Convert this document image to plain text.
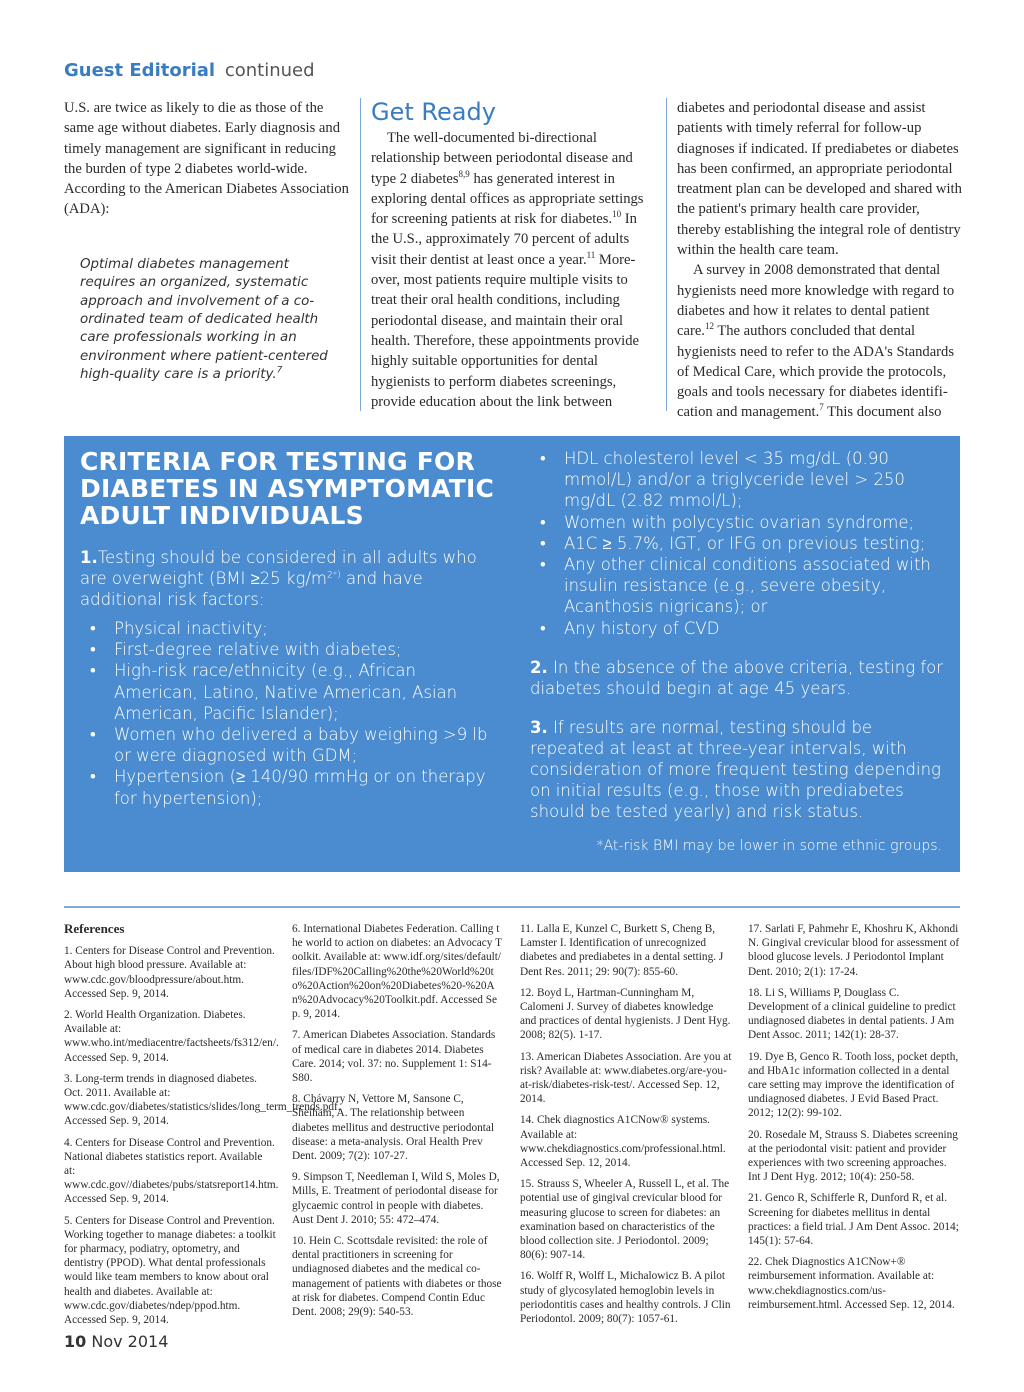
Guest Editorial continued

U.S. are twice as likely to die as those of the same age without diabetes. Early diagnosis and timely management are significant in reducing the burden of type 2 diabetes world-wide. According to the American Diabetes Association (ADA):

Optimal diabetes management requires an organized, systematic approach and involvement of a co-ordinated team of dedicated health care professionals working in an environment where patient-centered high-quality care is a priority.$^7$
Get Ready

The well-documented bi-directional relationship between periodontal disease and type 2 diabetes$^{8,9}$ has generated interest in exploring dental offices as appropriate settings for screening patients at risk for diabetes.$^{10}$ In the U.S., approximately 70 percent of adults visit their dentist at least once a year.$^{11}$ More-over, most patients require multiple visits to treat their oral health conditions, including periodontal disease, and maintain their oral health. Therefore, these appointments provide highly suitable opportunities for dental hygienists to perform diabetes screenings, provide education about the link between

diabetes and periodontal disease and assist patients with timely referral for follow-up diagnoses if indicated. If prediabetes or diabetes has been confirmed, an appropriate periodontal treatment plan can be developed and shared with the patient's primary health care provider, thereby establishing the integral role of dentistry within the health care team.

A survey in 2008 demonstrated that dental hygienists need more knowledge with regard to diabetes and how it relates to dental patient care.$^{12}$ The authors concluded that dental hygienists need to refer to the ADA's Standards of Medical Care, which provide the protocols, goals and tools necessary for diabetes identifi-cation and management.$^7$ This document also

CRITERIA FOR TESTING FOR DIABETES IN ASYMPTOMATIC ADULT INDIVIDUALS
1.Testing should be considered in all adults who are overweight (BMI ≥25 $kg/m^{2*)}$ and have additional risk factors:
• Physical inactivity;
• First-degree relative with diabetes;
• High-risk race/ethnicity (e.g., African American, Latino, Native American, Asian American, Pacific Islander);
• Women who delivered a baby weighing >9 lb or were diagnosed with GDM;
• Hypertension (≥ 140/90 mmHg or on therapy for hypertension);
• HDL cholesterol level < 35 mg/dL (0.90 mmol/L) and/or a triglyceride level > 250 mg/dL (2.82 mmol/L);
• Women with polycystic ovarian syndrome;
• A1C ≥ 5.7%, IGT, or IFG on previous testing;
• Any other clinical conditions associated with insulin resistance (e.g., severe obesity, Acanthosis nigricans); or
• Any history of CVD
2. In the absence of the above criteria, testing for diabetes should begin at age 45 years.
3. If results are normal, testing should be repeated at least at three-year intervals, with consideration of more frequent testing depending on initial results (e.g., those with prediabetes should be tested yearly) and risk status.
*At-risk BMI may be lower in some ethnic groups.
References

1. Centers for Disease Control and Prevention. About high blood pressure. Available at: www.cdc.gov/bloodpressure/about.htm. Accessed Sep. 9, 2014.

2. World Health Organization. Diabetes. Available at: www.who.int/mediacentre/factsheets/fs312/en/. Accessed Sep. 9, 2014.

3. Long-term trends in diagnosed diabetes. Oct. 2011. Available at: www.cdc.gov/diabetes/statistics/slides/long_term_trends.pdf. Accessed Sep. 9, 2014.

4. Centers for Disease Control and Prevention. National diabetes statistics report. Available at: www.cdc.gov//diabetes/pubs/statsreport14.htm. Accessed Sep. 9, 2014.

5. Centers for Disease Control and Prevention. Working together to manage diabetes: a toolkit for pharmacy, podiatry, optometry, and dentistry (PPOD). What dental professionals would like team members to know about oral health and diabetes. Available at: www.cdc.gov/diabetes/ndep/ppod.htm. Accessed Sep. 9, 2014.

6. International Diabetes Federation. Calling the world to action on diabetes: an Advocacy Toolkit. Available at: www.idf.org/sites/default/files/IDF%20Calling%20the%20World%20to%20Action%20on%20Diabetes%20-%20An%20Advocacy%20Toolkit.pdf. Accessed Sep. 9, 2014.

7. American Diabetes Association. Standards of medical care in diabetes 2014. Diabetes Care. 2014; vol. 37: no. Supplement 1: S14-S80.

8. Chávarry N, Vettore M, Sansone C, Sheiham, A. The relationship between diabetes mellitus and destructive periodontal disease: a meta-analysis. Oral Health Prev Dent. 2009; 7(2): 107-27.

9. Simpson T, Needleman I, Wild S, Moles D, Mills, E. Treatment of periodontal disease for glycaemic control in people with diabetes. Aust Dent J. 2010; 55: 472–474.

10. Hein C. Scottsdale revisited: the role of dental practitioners in screening for undiagnosed diabetes and the medical co-management of patients with diabetes or those at risk for diabetes. Compend Contin Educ Dent. 2008; 29(9): 540-53.

11. Lalla E, Kunzel C, Burkett S, Cheng B, Lamster I. Identification of unrecognized diabetes and prediabetes in a dental setting. J Dent Res. 2011; 29: 90(7): 855-60.

12. Boyd L, Hartman-Cunningham M, Calomeni J. Survey of diabetes knowledge and practices of dental hygienists. J Dent Hyg. 2008; 82(5). 1-17.

13. American Diabetes Association. Are you at risk? Available at: www.diabetes.org/are-you-at-risk/diabetes-risk-test/. Accessed Sep. 12, 2014.

14. Chek diagnostics A1CNow® systems. Available at: www.chekdiagnostics.com/professional.html. Accessed Sep. 12, 2014.

15. Strauss S, Wheeler A, Russell L, et al. The potential use of gingival crevicular blood for measuring glucose to screen for diabetes: an examination based on characteristics of the blood collection site. J Periodontol. 2009; 80(6): 907-14.

16. Wolff R, Wolff L, Michalowicz B. A pilot study of glycosylated hemoglobin levels in periodontitis cases and healthy controls. J Clin Periodontol. 2009; 80(7): 1057-61.

17. Sarlati F, Pahmehr E, Khoshru K, Akhondi N. Gingival crevicular blood for assessment of blood glucose levels. J Periodontol Implant Dent. 2010; 2(1): 17-24.

18. Li S, Williams P, Douglass C. Development of a clinical guideline to predict undiagnosed diabetes in dental patients. J Am Dent Assoc. 2011; 142(1): 28-37.

19. Dye B, Genco R. Tooth loss, pocket depth, and HbA1c information collected in a dental care setting may improve the identification of undiagnosed diabetes. J Evid Based Pract. 2012; 12(2): 99-102.

20. Rosedale M, Strauss S. Diabetes screening at the periodontal visit: patient and provider experiences with two screening approaches. Int J Dent Hyg. 2012; 10(4): 250-58.

21. Genco R, Schifferle R, Dunford R, et al. Screening for diabetes mellitus in dental practices: a field trial. J Am Dent Assoc. 2014; 145(1): 57-64.

22. Chek Diagnostics A1CNow+® reimbursement information. Available at: www.chekdiagnostics.com/us-reimbursement.html. Accessed Sep. 12, 2014.

10 Nov 2014
